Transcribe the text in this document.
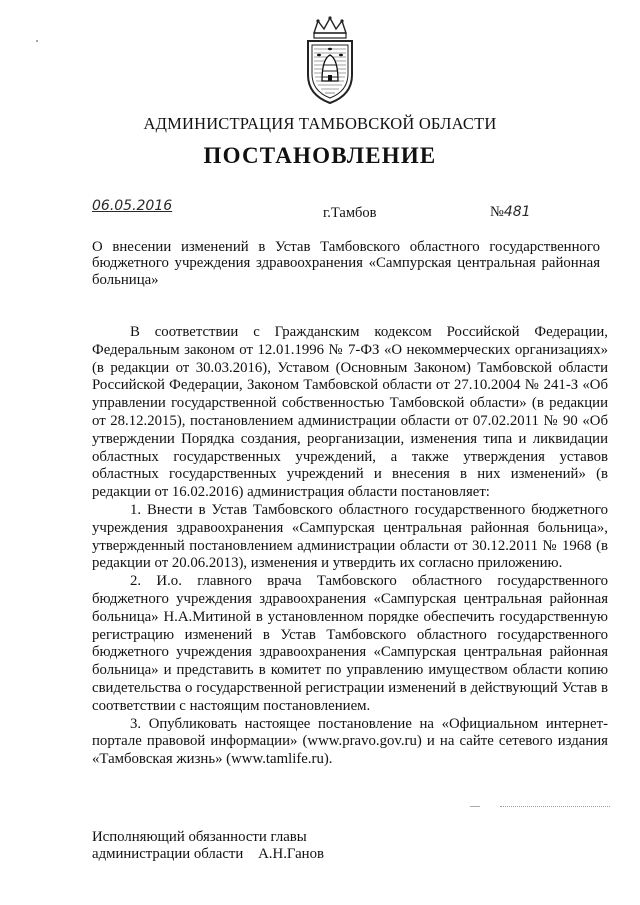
АДМИНИСТРАЦИЯ ТАМБОВСКОЙ ОБЛАСТИ
ПОСТАНОВЛЕНИЕ
06.05.2016	г.Тамбов	№481
О внесении изменений в Устав Тамбовского областного государственного бюджетного учреждения здравоохранения «Сампурская центральная районная больница»

В соответствии с Гражданским кодексом Российской Федерации, Федеральным законом от 12.01.1996 № 7-ФЗ «О некоммерческих организациях» (в редакции от 30.03.2016), Уставом (Основным Законом) Тамбовской области Российской Федерации, Законом Тамбовской области от 27.10.2004 № 241-З «Об управлении государственной собственностью Тамбовской области» (в редакции от 28.12.2015), постановлением администрации области от 07.02.2011 № 90 «Об утверждении Порядка создания, реорганизации, изменения типа и ликвидации областных государственных учреждений, а также утверждения уставов областных государственных учреждений и внесения в них изменений» (в редакции от 16.02.2016) администрация области постановляет:

1. Внести в Устав Тамбовского областного государственного бюджетного учреждения здравоохранения «Сампурская центральная районная больница», утвержденный постановлением администрации области от 30.12.2011 № 1968 (в редакции от 20.06.2013), изменения и утвердить их согласно приложению.

2. И.о. главного врача Тамбовского областного государственного бюджетного учреждения здравоохранения «Сампурская центральная районная больница» Н.А.Митиной в установленном порядке обеспечить государственную регистрацию изменений в Устав Тамбовского областного государственного бюджетного учреждения здравоохранения «Сампурская центральная районная больница» и представить в комитет по управлению имуществом области копию свидетельства о государственной регистрации изменений в действующий Устав в соответствии с настоящим постановлением.

3. Опубликовать настоящее постановление на «Официальном интернет-портале правовой информации» (www.pravo.gov.ru) и на сайте сетевого издания «Тамбовская жизнь» (www.tamlife.ru).

Исполняющий обязанности главы
администрации области А.Н.Ганов
